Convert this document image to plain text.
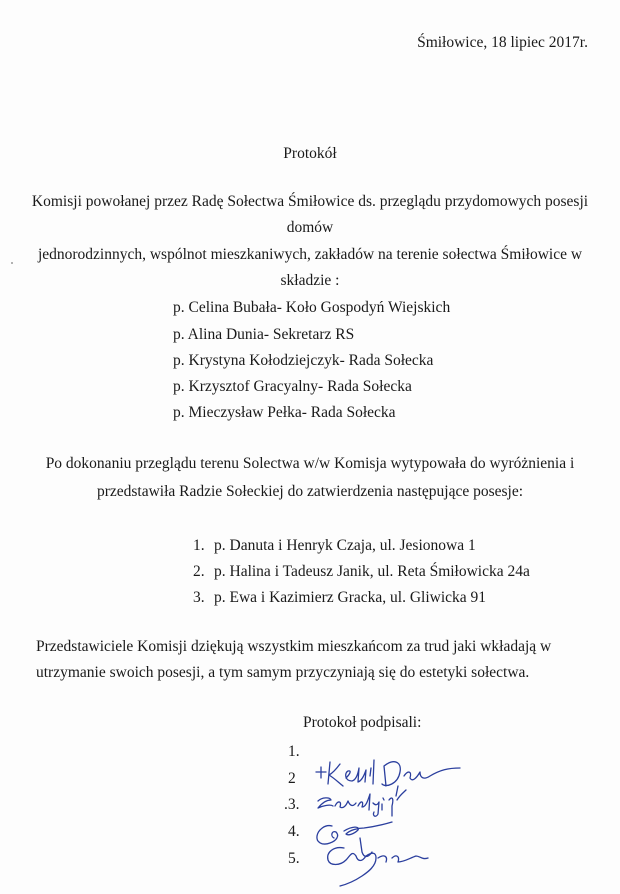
Śmiłowice, 18 lipiec 2017r.
Protokół
Komisji powołanej przez Radę Sołectwa Śmiłowice ds. przeglądu przydomowych posesji
domów
jednorodzinnych, wspólnot mieszkaniwych, zakładów na terenie sołectwa Śmiłowice w
składzie :
p. Celina Bubała- Koło Gospodyń Wiejskich
p. Alina Dunia- Sekretarz RS
p. Krystyna Kołodziejczyk- Rada Sołecka
p. Krzysztof Gracyalny- Rada Sołecka
p. Mieczysław Pełka- Rada Sołecka
Po dokonaniu przeglądu terenu Solectwa w/w Komisja wytypowała do wyróżnienia i
przedstawiła Radzie Sołeckiej do zatwierdzenia następujące posesje:
1. p. Danuta i Henryk Czaja, ul. Jesionowa 1
2. p. Halina i Tadeusz Janik, ul. Reta Śmiłowicka 24a
3. p. Ewa i Kazimierz Gracka, ul. Gliwicka 91
Przedstawiciele Komisji dziękują wszystkim mieszkańcom za trud jaki wkładają w
utrzymanie swoich posesji, a tym samym przyczyniają się do estetyki sołectwa.
Protokoł podpisali:
1.
2
.3.
4.
5.
